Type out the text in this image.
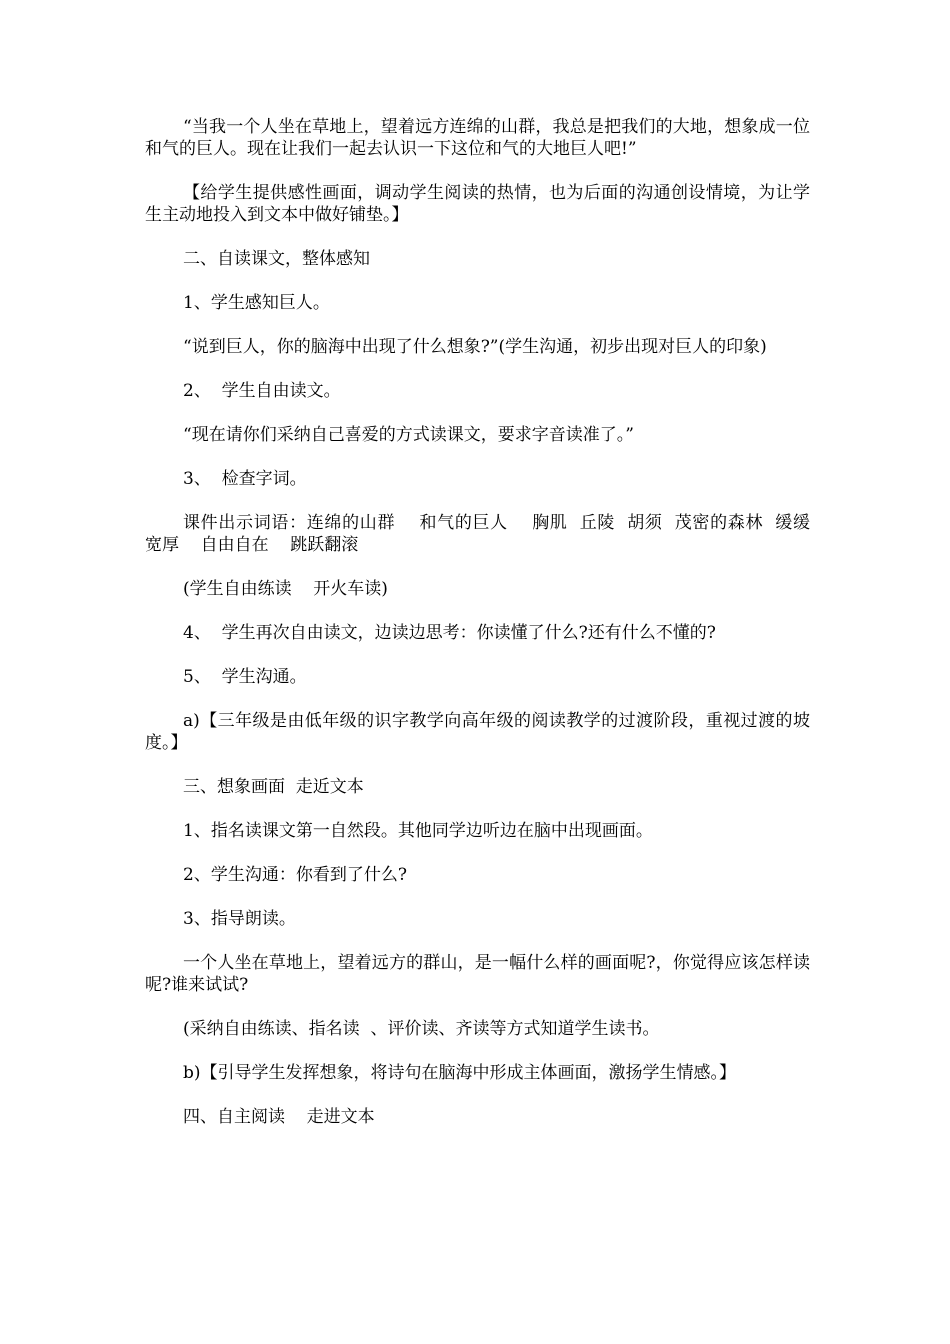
“当我一个人坐在草地上，望着远方连绵的山群，我总是把我们的大地，想象成一位和气的巨人。现在让我们一起去认识一下这位和气的大地巨人吧!”

【给学生提供感性画面，调动学生阅读的热情，也为后面的沟通创设情境，为让学生主动地投入到文本中做好铺垫。】

二、自读课文，整体感知

1、学生感知巨人。

“说到巨人，你的脑海中出现了什么想象?”(学生沟通，初步出现对巨人的印象)

2、  学生自由读文。

“现在请你们采纳自己喜爱的方式读课文，要求字音读准了。”

3、  检查字词。

课件出示词语：连绵的山群    和气的巨人    胸肌  丘陵  胡须  茂密的森林  缓缓    宽厚    自由自在    跳跃翻滚

(学生自由练读    开火车读)

4、  学生再次自由读文，边读边思考：你读懂了什么?还有什么不懂的?

5、  学生沟通。

a)【三年级是由低年级的识字教学向高年级的阅读教学的过渡阶段，重视过渡的坡度。】

三、想象画面  走近文本

1、指名读课文第一自然段。其他同学边听边在脑中出现画面。

2、学生沟通：你看到了什么?

3、指导朗读。

一个人坐在草地上，望着远方的群山，是一幅什么样的画面呢?，你觉得应该怎样读呢?谁来试试?

(采纳自由练读、指名读  、评价读、齐读等方式知道学生读书。

b)【引导学生发挥想象，将诗句在脑海中形成主体画面，激扬学生情感。】

四、自主阅读    走进文本
